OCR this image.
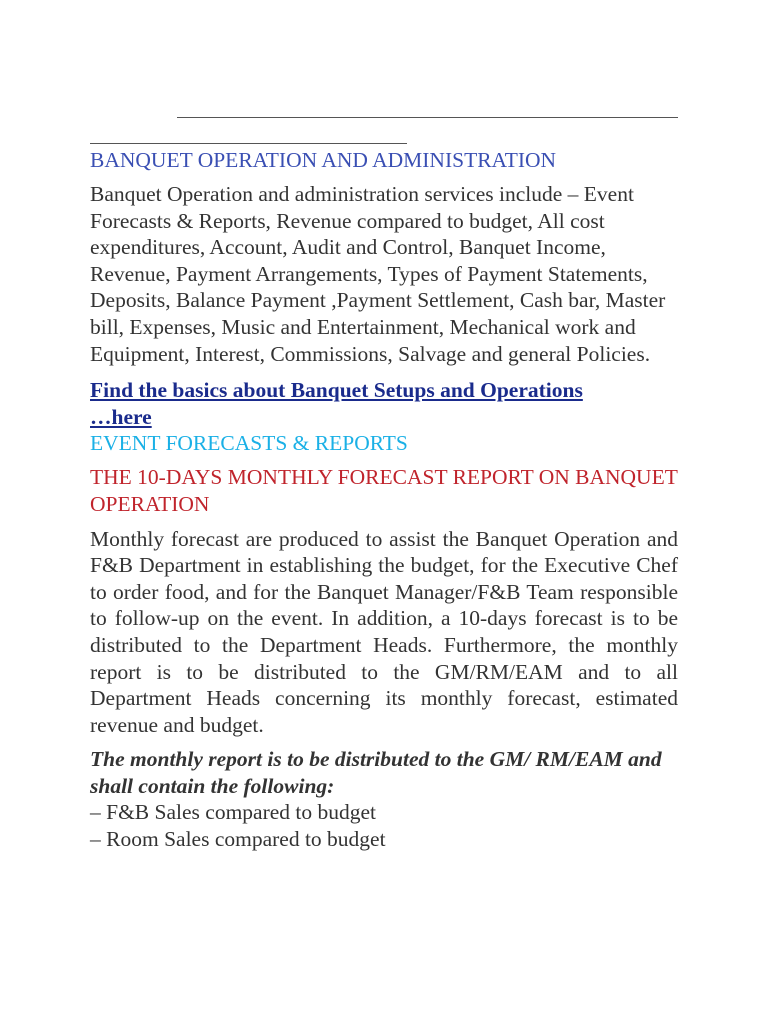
BANQUET OPERATION AND ADMINISTRATION

Banquet Operation and administration services include – Event Forecasts & Reports, Revenue compared to budget, All cost expenditures, Account, Audit and Control, Banquet Income, Revenue, Payment Arrangements, Types of Payment Statements, Deposits, Balance Payment ,Payment Settlement, Cash bar, Master bill, Expenses, Music and Entertainment, Mechanical work and Equipment, Interest, Commissions, Salvage and general Policies.

Find the basics about Banquet Setups and Operations
…here

EVENT FORECASTS & REPORTS

THE 10-DAYS MONTHLY FORECAST REPORT ON BANQUET OPERATION

Monthly forecast are produced to assist the Banquet Operation and F&B Department in establishing the budget, for the Executive Chef to order food, and for the Banquet Manager/F&B Team responsible to follow-up on the event. In addition, a 10-days forecast is to be distributed to the Department Heads. Furthermore, the monthly report is to be distributed to the GM/RM/EAM and to all Department Heads concerning its monthly forecast, estimated revenue and budget.

The monthly report is to be distributed to the GM/ RM/EAM and shall contain the following:

– F&B Sales compared to budget

– Room Sales compared to budget
